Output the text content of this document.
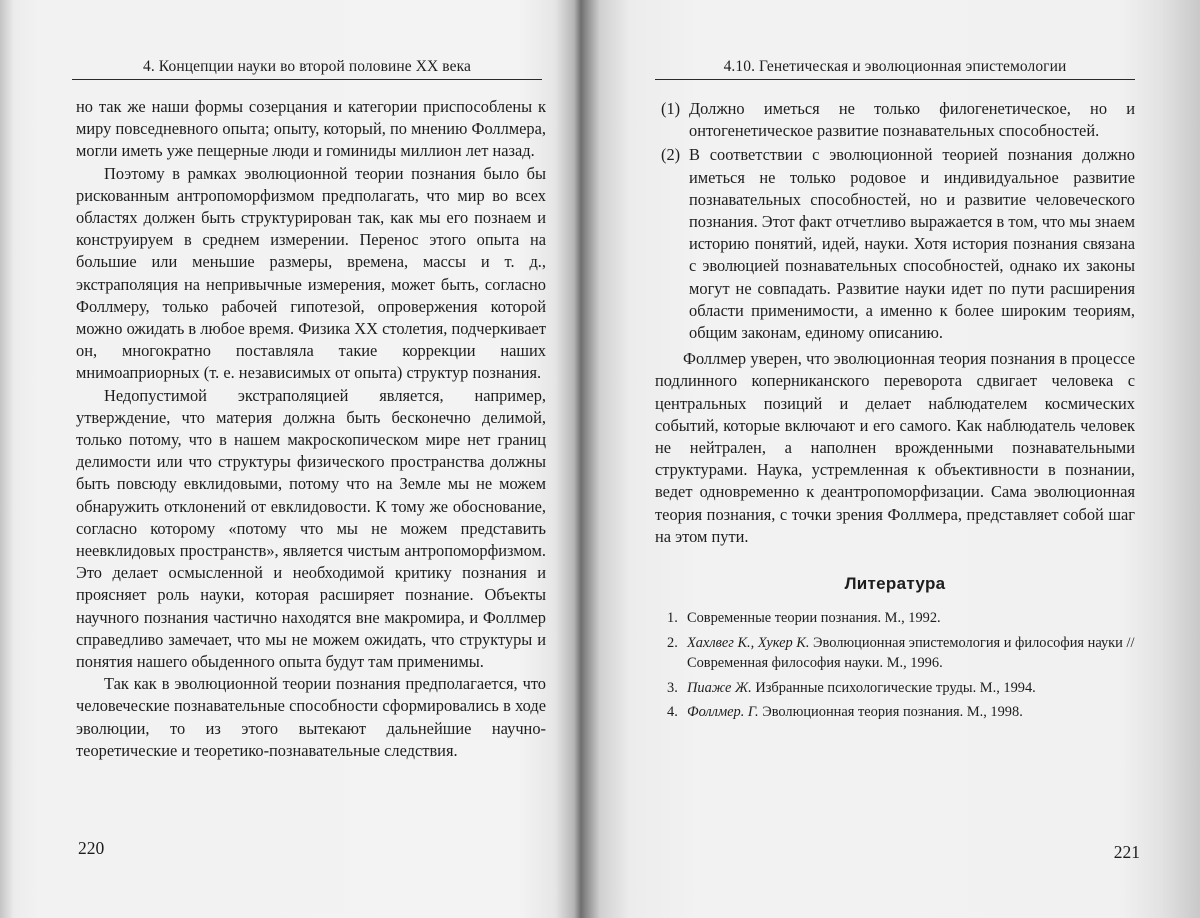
4. Концепции науки во второй половине XX века

но так же наши формы созерцания и категории приспособлены к миру повседневного опыта; опыту, который, по мнению Фоллмера, могли иметь уже пещерные люди и гоминиды миллион лет назад.

Поэтому в рамках эволюционной теории познания было бы рискованным антропоморфизмом предполагать, что мир во всех областях должен быть структурирован так, как мы его познаем и конструируем в среднем измерении. Перенос этого опыта на большие или меньшие размеры, времена, массы и т. д., экстраполяция на непривычные измерения, может быть, согласно Фоллмеру, только рабочей гипотезой, опровержения которой можно ожидать в любое время. Физика XX столетия, подчеркивает он, многократно поставляла такие коррекции наших мнимоаприорных (т. е. независимых от опыта) структур познания.

Недопустимой экстраполяцией является, например, утверждение, что материя должна быть бесконечно делимой, только потому, что в нашем макроскопическом мире нет границ делимости или что структуры физического пространства должны быть повсюду евклидовыми, потому что на Земле мы не можем обнаружить отклонений от евклидовости. К тому же обоснование, согласно которому «потому что мы не можем представить неевклидовых пространств», является чистым антропоморфизмом. Это делает осмысленной и необходимой критику познания и проясняет роль науки, которая расширяет познание. Объекты научного познания частично находятся вне макромира, и Фоллмер справедливо замечает, что мы не можем ожидать, что структуры и понятия нашего обыденного опыта будут там применимы.

Так как в эволюционной теории познания предполагается, что человеческие познавательные способности сформировались в ходе эволюции, то из этого вытекают дальнейшие научно-теоретические и теоретико-познавательные следствия.

220
4.10. Генетическая и эволюционная эпистемологии
(1) Должно иметься не только филогенетическое, но и онтогенетическое развитие познавательных способностей.

(2) В соответствии с эволюционной теорией познания должно иметься не только родовое и индивидуальное развитие познавательных способностей, но и развитие человеческого познания. Этот факт отчетливо выражается в том, что мы знаем историю понятий, идей, науки. Хотя история познания связана с эволюцией познавательных способностей, однако их законы могут не совпадать. Развитие науки идет по пути расширения области применимости, а именно к более широким теориям, общим законам, единому описанию.

Фоллмер уверен, что эволюционная теория познания в процессе подлинного коперниканского переворота сдвигает человека с центральных позиций и делает наблюдателем космических событий, которые включают и его самого. Как наблюдатель человек не нейтрален, а наполнен врожденными познавательными структурами. Наука, устремленная к объективности в познании, ведет одновременно к деантропоморфизации. Сама эволюционная теория познания, с точки зрения Фоллмера, представляет собой шаг на этом пути.

Литература
1. Современные теории познания. М., 1992.
2. Хахлвег К., Хукер К. Эволюционная эпистемология и философия науки // Современная философия науки. М., 1996.
3. Пиаже Ж. Избранные психологические труды. М., 1994.
4. Фоллмер. Г. Эволюционная теория познания. М., 1998.
221
